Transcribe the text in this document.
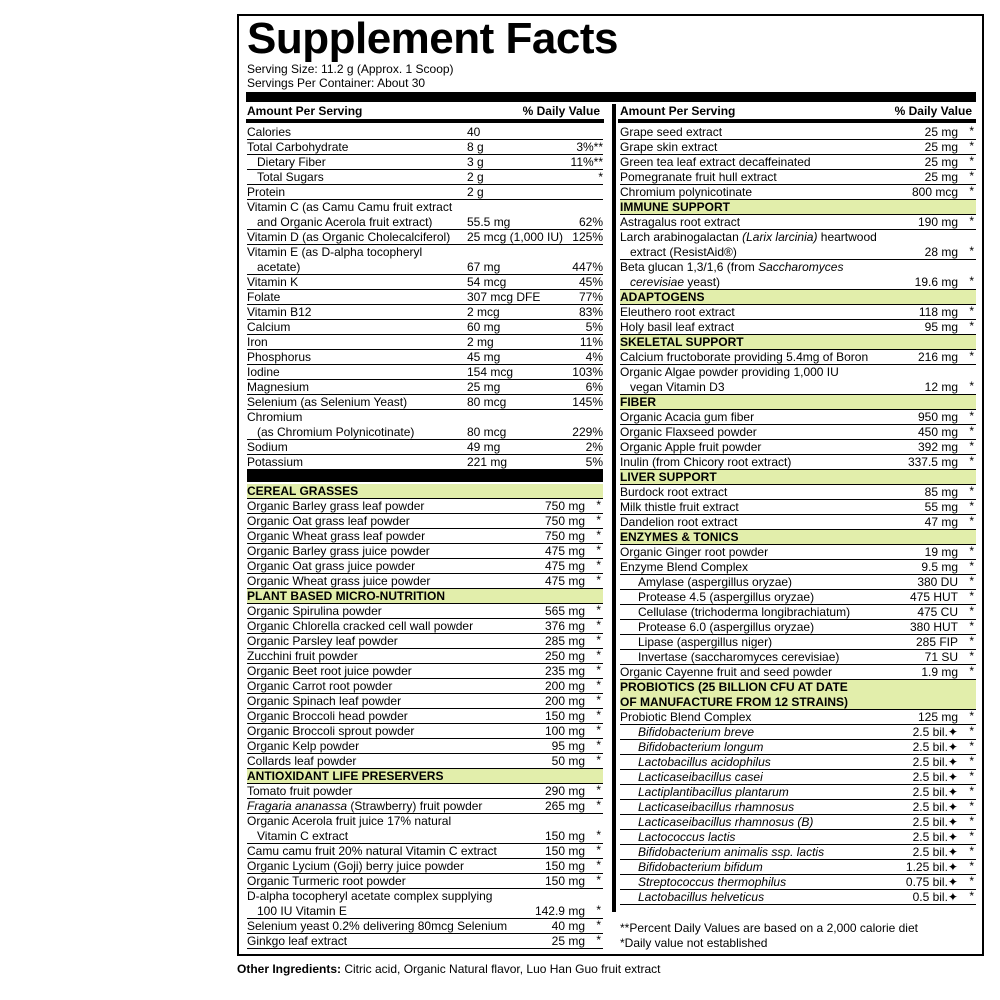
Supplement Facts
Serving Size: 11.2 g (Approx. 1 Scoop)
Servings Per Container: About 30
Amount Per Serving	% Daily Value Amount Per Serving	% Daily Value
Calories	40
Total Carbohydrate	8 g	3%**
Dietary Fiber	3 g	11%**
Total Sugars	2 g	*
Protein	2 g
Vitamin C (as Camu Camu fruit extract
and Organic Acerola fruit extract)	55.5 mg	62%
Vitamin D (as Organic Cholecalciferol) 25 mcg (1,000 IU) 125%
Vitamin E (as D-alpha tocopheryl
acetate)	67 mg	447%
Vitamin K	54 mcg	45%
Folate	307 mcg DFE	77%
Vitamin B12	2 mcg	83%
Calcium	60 mg	5%
Iron	2 mg	11%
Phosphorus	45 mg	4%
Iodine	154 mcg	103%
Magnesium	25 mg	6%
Selenium (as Selenium Yeast)	80 mcg	145%
Chromium
(as Chromium Polynicotinate)	80 mcg	229%
Sodium	49 mg	2%
Potassium	221 mg	5%
CEREAL GRASSES
Organic Barley grass leaf powder	750 mg *
Organic Oat grass leaf powder	750 mg *
Organic Wheat grass leaf powder	750 mg *
Organic Barley grass juice powder	475 mg *
Organic Oat grass juice powder	475 mg *
Organic Wheat grass juice powder	475 mg *
PLANT BASED MICRO-NUTRITION
Organic Spirulina powder	565 mg *
Organic Chlorella cracked cell wall powder	376 mg *
Organic Parsley leaf powder	285 mg *
Zucchini fruit powder	250 mg *
Organic Beet root juice powder	235 mg *
Organic Carrot root powder	200 mg *
Organic Spinach leaf powder	200 mg *
Organic Broccoli head powder	150 mg *
Organic Broccoli sprout powder	100 mg *
Organic Kelp powder	95 mg *
Collards leaf powder	50 mg *
ANTIOXIDANT LIFE PRESERVERS
Tomato fruit powder	290 mg *
Fragaria ananassa (Strawberry) fruit powder	265 mg *
Organic Acerola fruit juice 17% natural
Vitamin C extract	150 mg *
Camu camu fruit 20% natural Vitamin C extract	150 mg *
Organic Lycium (Goji) berry juice powder	150 mg *
Organic Turmeric root powder	150 mg *
D-alpha tocopheryl acetate complex supplying
100 IU Vitamin E	142.9 mg *
Selenium yeast 0.2% delivering 80mcg Selenium	40 mg *
Ginkgo leaf extract	25 mg *
Grape seed extract	25 mg *
Grape skin extract	25 mg *
Green tea leaf extract decaffeinated	25 mg *
Pomegranate fruit hull extract	25 mg *
Chromium polynicotinate	800 mcg *
IMMUNE SUPPORT
Astragalus root extract	190 mg *
Larch arabinogalactan (Larix larcinia) heartwood
extract (ResistAid®)	28 mg *
Beta glucan 1,3/1,6 (from Saccharomyces
cerevisiae yeast)	19.6 mg *
ADAPTOGENS
Eleuthero root extract	118 mg *
Holy basil leaf extract	95 mg *
SKELETAL SUPPORT
Calcium fructoborate providing 5.4mg of Boron	216 mg *
Organic Algae powder providing 1,000 IU
vegan Vitamin D3	12 mg *
FIBER
Organic Acacia gum fiber	950 mg *
Organic Flaxseed powder	450 mg *
Organic Apple fruit powder	392 mg *
Inulin (from Chicory root extract)	337.5 mg *
LIVER SUPPORT
Burdock root extract	85 mg *
Milk thistle fruit extract	55 mg *
Dandelion root extract	47 mg *
ENZYMES & TONICS
Organic Ginger root powder	19 mg *
Enzyme Blend Complex	9.5 mg *
Amylase (aspergillus oryzae)	380 DU *
Protease 4.5 (aspergillus oryzae)	475 HUT *
Cellulase (trichoderma longibrachiatum)	475 CU *
Protease 6.0 (aspergillus oryzae)	380 HUT *
Lipase (aspergillus niger)	285 FIP *
Invertase (saccharomyces cerevisiae)	71 SU *
Organic Cayenne fruit and seed powder	1.9 mg *
PROBIOTICS (25 BILLION CFU AT DATE
OF MANUFACTURE FROM 12 STRAINS)
Probiotic Blend Complex	125 mg *
Bifidobacterium breve	2.5 bil.✦ *
Bifidobacterium longum	2.5 bil.✦ *
Lactobacillus acidophilus	2.5 bil.✦ *
Lacticaseibacillus casei	2.5 bil.✦ *
Lactiplantibacillus plantarum	2.5 bil.✦ *
Lacticaseibacillus rhamnosus	2.5 bil.✦ *
Lacticaseibacillus rhamnosus (B)	2.5 bil.✦ *
Lactococcus lactis	2.5 bil.✦ *
Bifidobacterium animalis ssp. lactis	2.5 bil.✦ *
Bifidobacterium bifidum	1.25 bil.✦ *
Streptococcus thermophilus	0.75 bil.✦ *
Lactobacillus helveticus	0.5 bil.✦ *
**Percent Daily Values are based on a 2,000 calorie diet
*Daily value not established
Other Ingredients: Citric acid, Organic Natural flavor, Luo Han Guo fruit extract
